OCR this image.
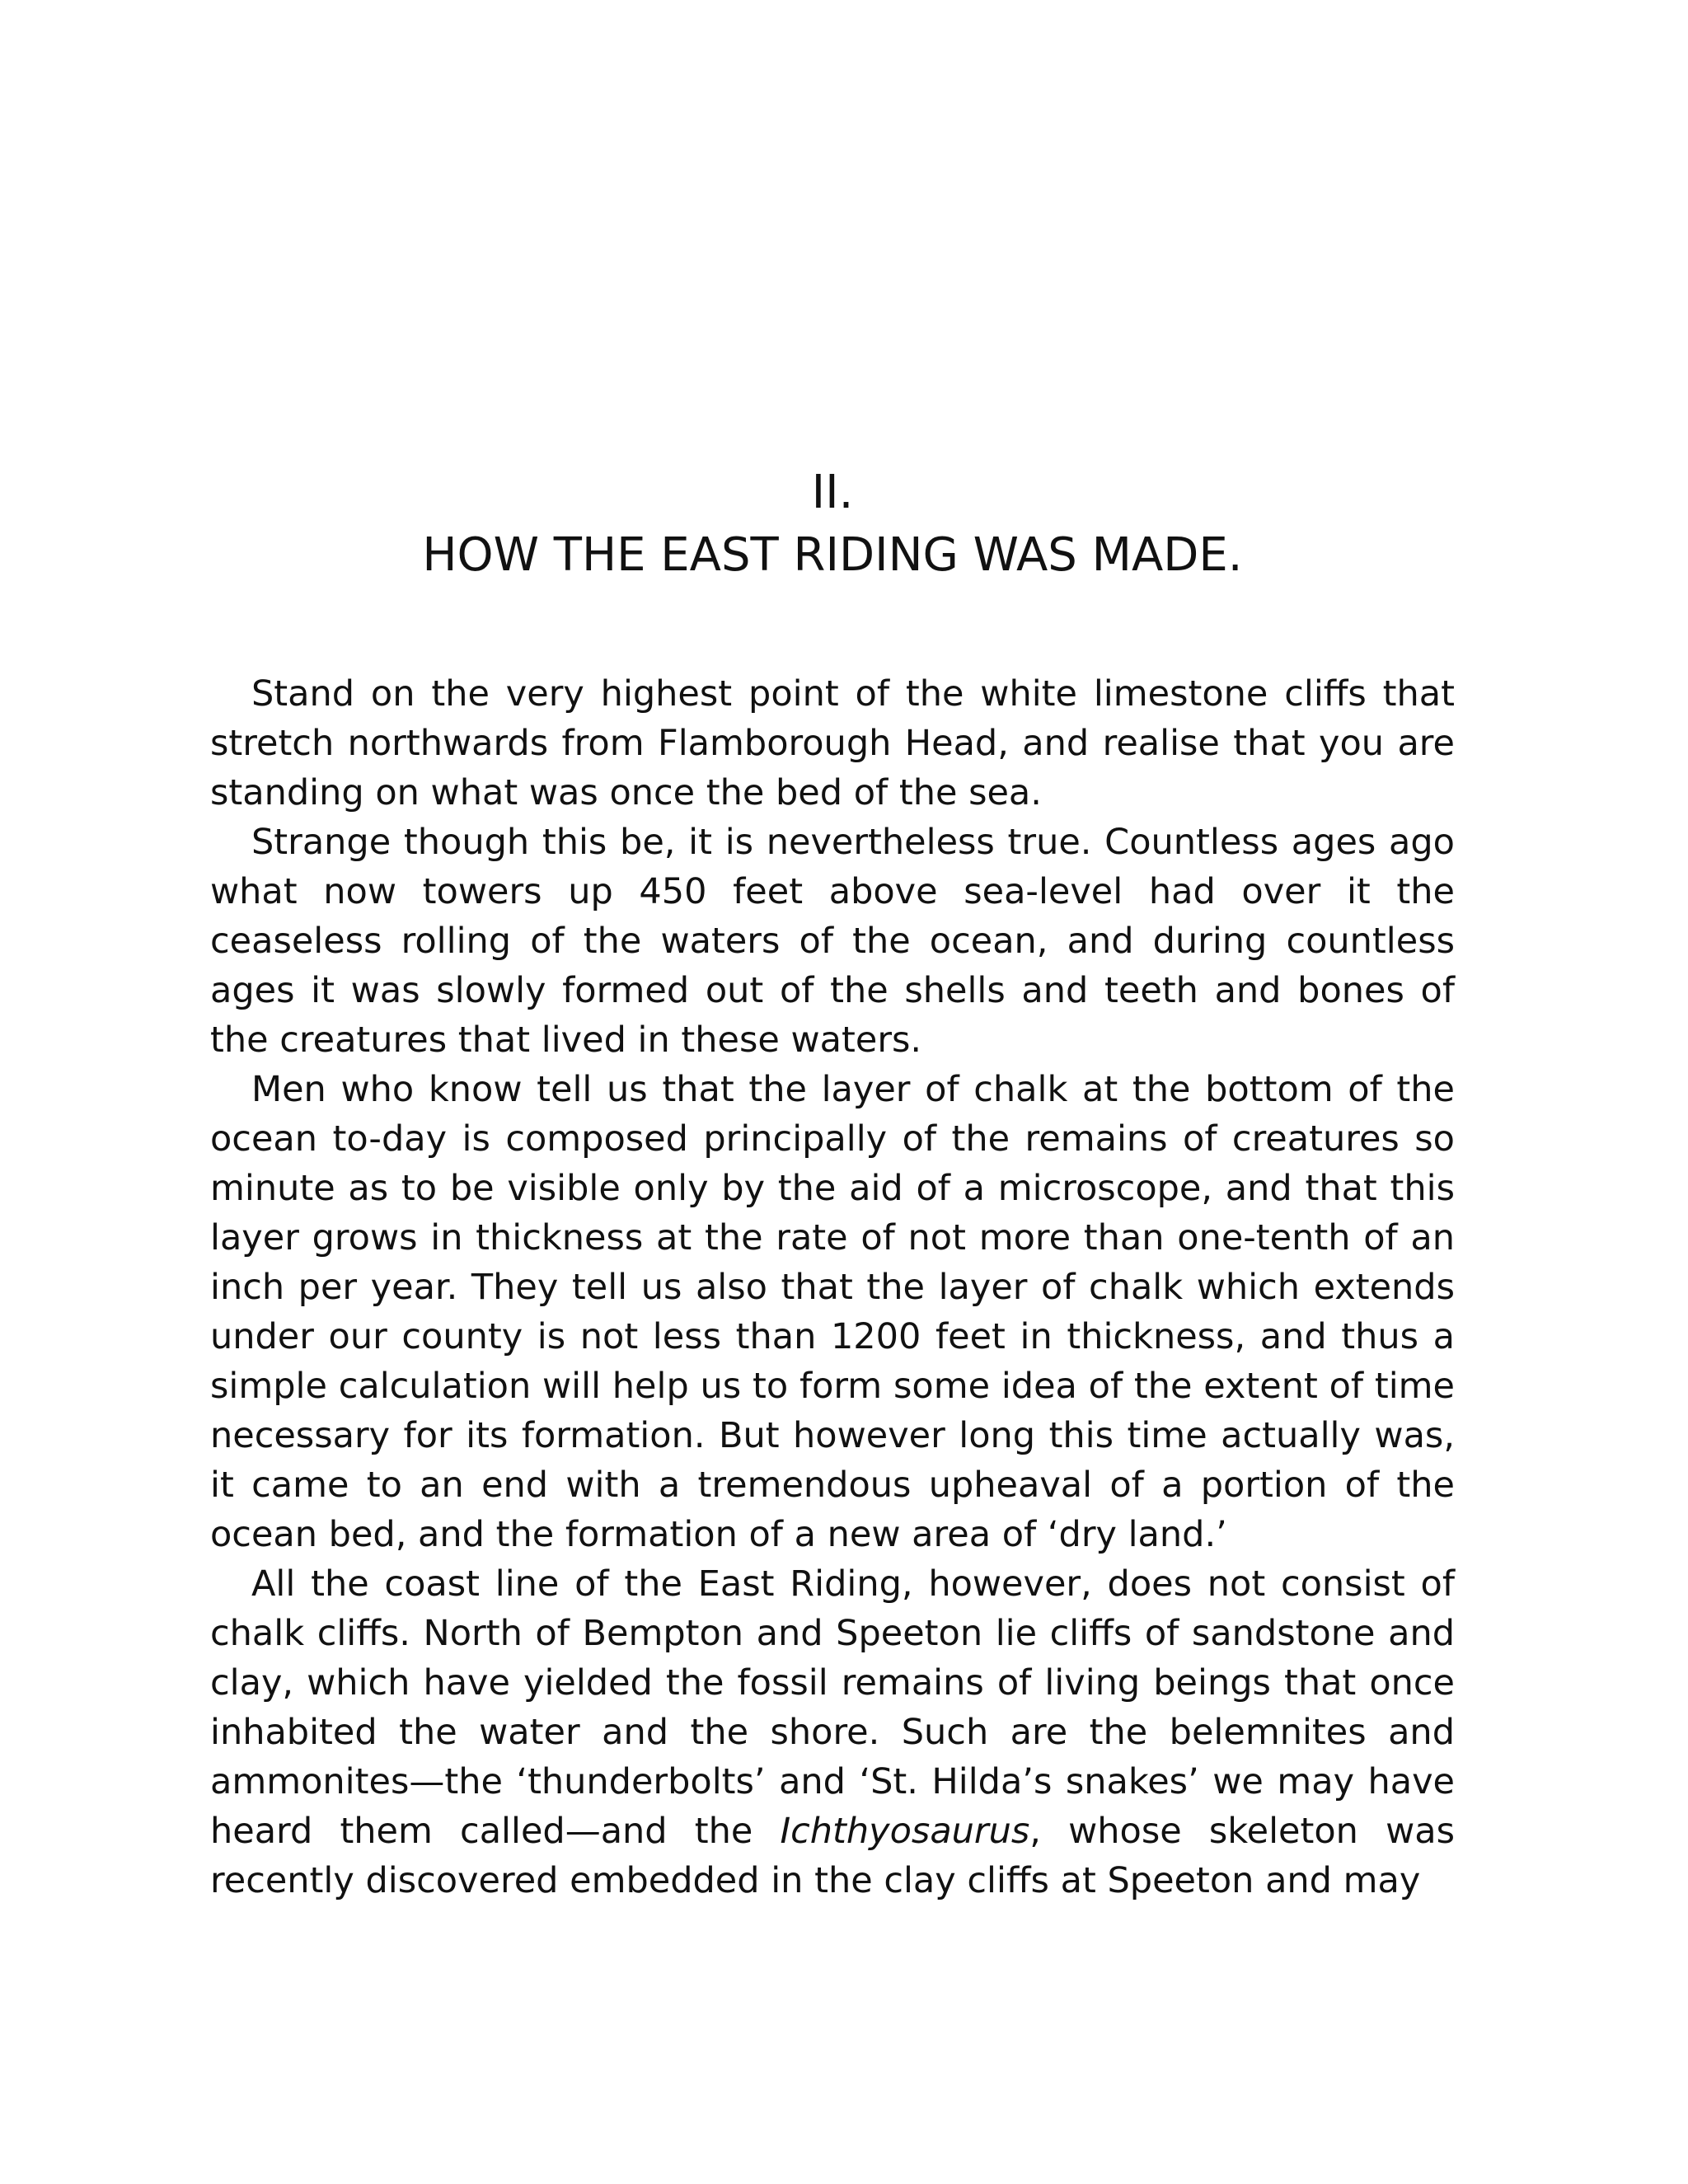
II.
HOW THE EAST RIDING WAS MADE.

Stand on the very highest point of the white limestone cliffs that stretch northwards from Flamborough Head, and realise that you are standing on what was once the bed of the sea.

Strange though this be, it is nevertheless true. Countless ages ago what now towers up 450 feet above sea-level had over it the ceaseless rolling of the waters of the ocean, and during countless ages it was slowly formed out of the shells and teeth and bones of the creatures that lived in these waters.

Men who know tell us that the layer of chalk at the bottom of the ocean to-day is composed principally of the remains of creatures so minute as to be visible only by the aid of a microscope, and that this layer grows in thickness at the rate of not more than one-tenth of an inch per year. They tell us also that the layer of chalk which extends under our county is not less than 1200 feet in thickness, and thus a simple calculation will help us to form some idea of the extent of time necessary for its formation. But however long this time actually was, it came to an end with a tremendous upheaval of a portion of the ocean bed, and the formation of a new area of ‘dry land.’

All the coast line of the East Riding, however, does not consist of chalk cliffs. North of Bempton and Speeton lie cliffs of sandstone and clay, which have yielded the fossil remains of living beings that once inhabited the water and the shore. Such are the belemnites and ammonites—the ‘thunderbolts’ and ‘St. Hilda’s snakes’ we may have heard them called—and the Ichthyosaurus, whose skeleton was recently discovered embedded in the clay cliffs at Speeton and may
